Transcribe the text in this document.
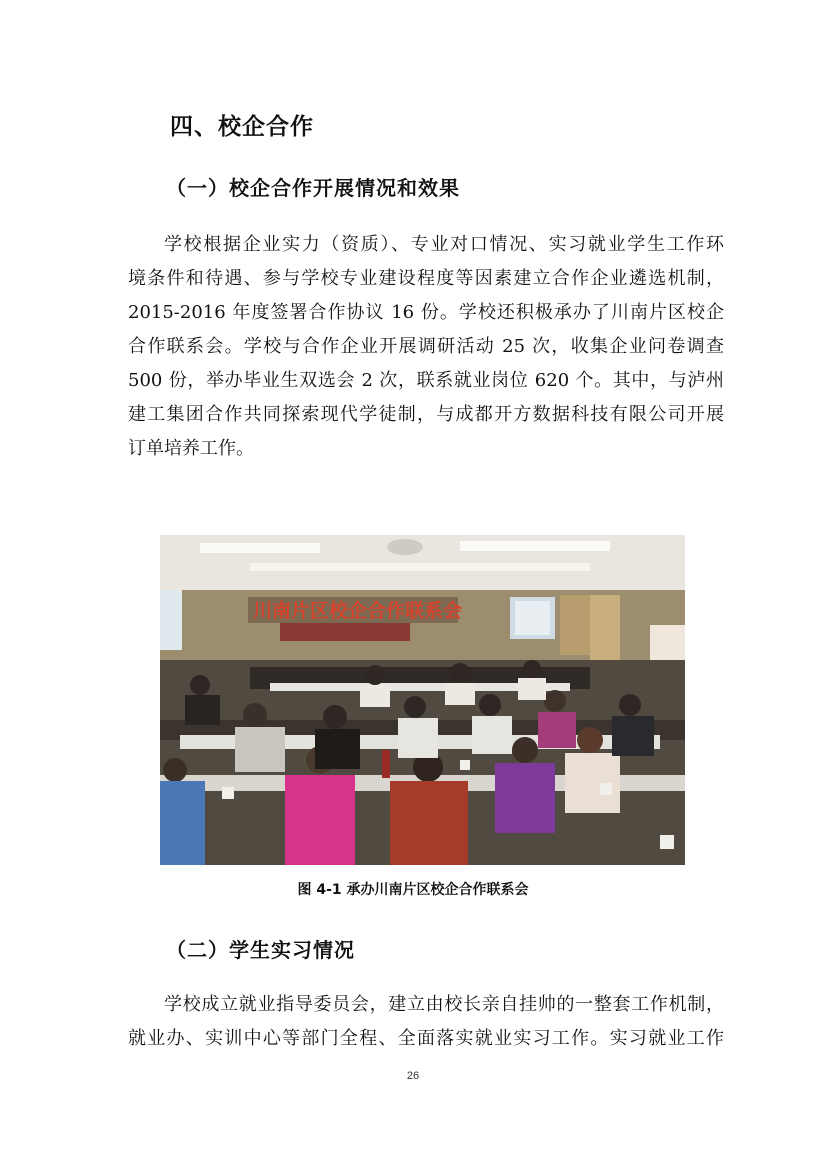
四、校企合作
（一）校企合作开展情况和效果
学校根据企业实力（资质）、专业对口情况、实习就业学生工作环
境条件和待遇、参与学校专业建设程度等因素建立合作企业遴选机制，
2015-2016 年度签署合作协议 16 份。学校还积极承办了川南片区校企
合作联系会。学校与合作企业开展调研活动 25 次，收集企业问卷调查
500 份，举办毕业生双选会 2 次，联系就业岗位 620 个。其中，与泸州
建工集团合作共同探索现代学徒制，与成都开方数据科技有限公司开展
订单培养工作。
川南片区校企合作联系会
图 4-1 承办川南片区校企合作联系会
（二）学生实习情况
学校成立就业指导委员会，建立由校长亲自挂帅的一整套工作机制，
就业办、实训中心等部门全程、全面落实就业实习工作。实习就业工作
26
